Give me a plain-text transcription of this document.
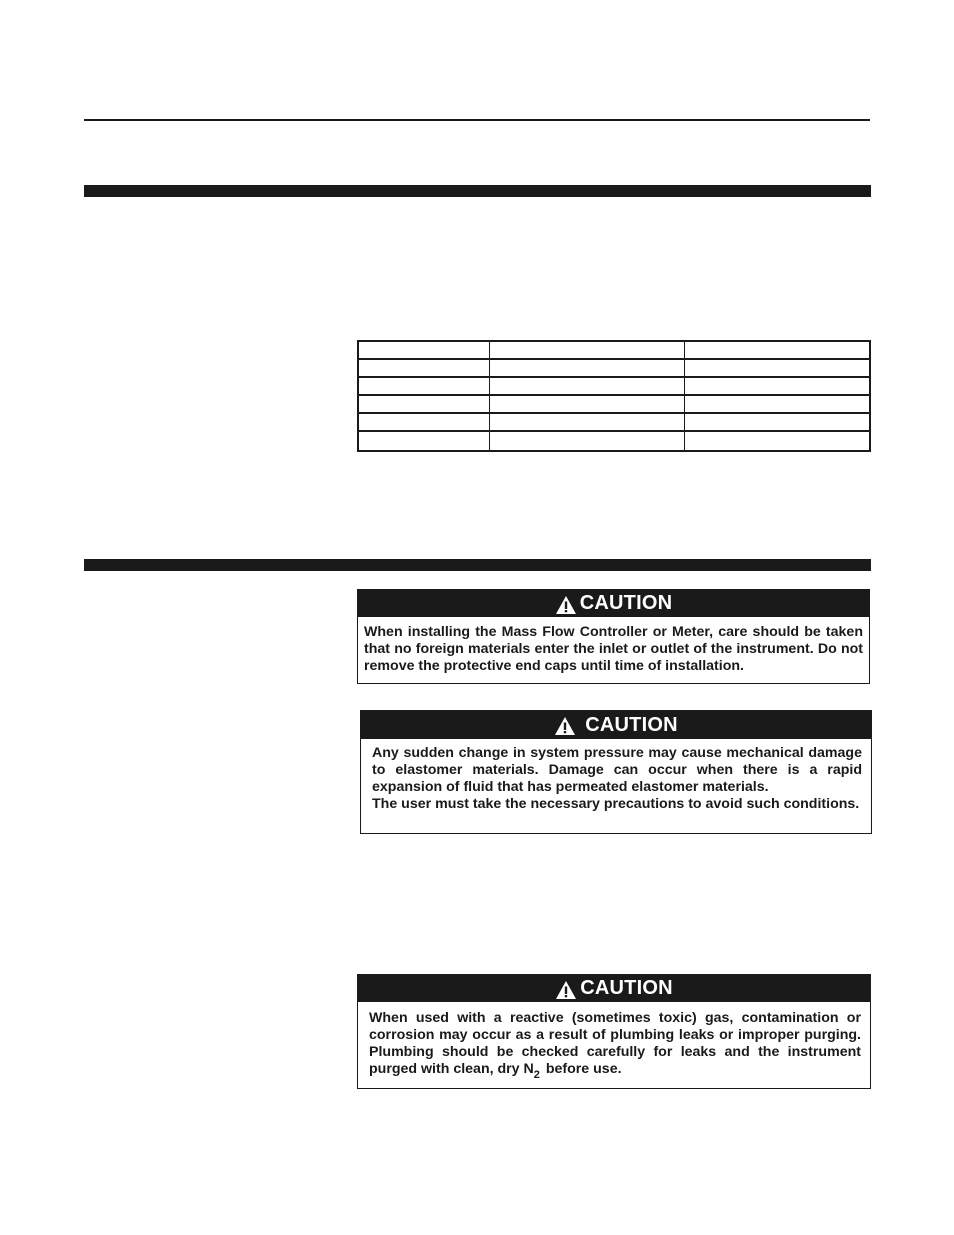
CAUTION

When installing the Mass Flow Controller or Meter, care should be taken that no foreign materials enter the inlet or outlet of the instrument. Do not remove the protective end caps until time of installation.

CAUTION

Any sudden change in system pressure may cause mechanical damage to elastomer materials. Damage can occur when there is a rapid expansion of fluid that has permeated elastomer materials.

The user must take the necessary precautions to avoid such conditions.

CAUTION

When used with a reactive (sometimes toxic) gas, contamination or corrosion may occur as a result of plumbing leaks or improper purging. Plumbing should be checked carefully for leaks and the instrument purged with clean, dry $N_2$ before use.
